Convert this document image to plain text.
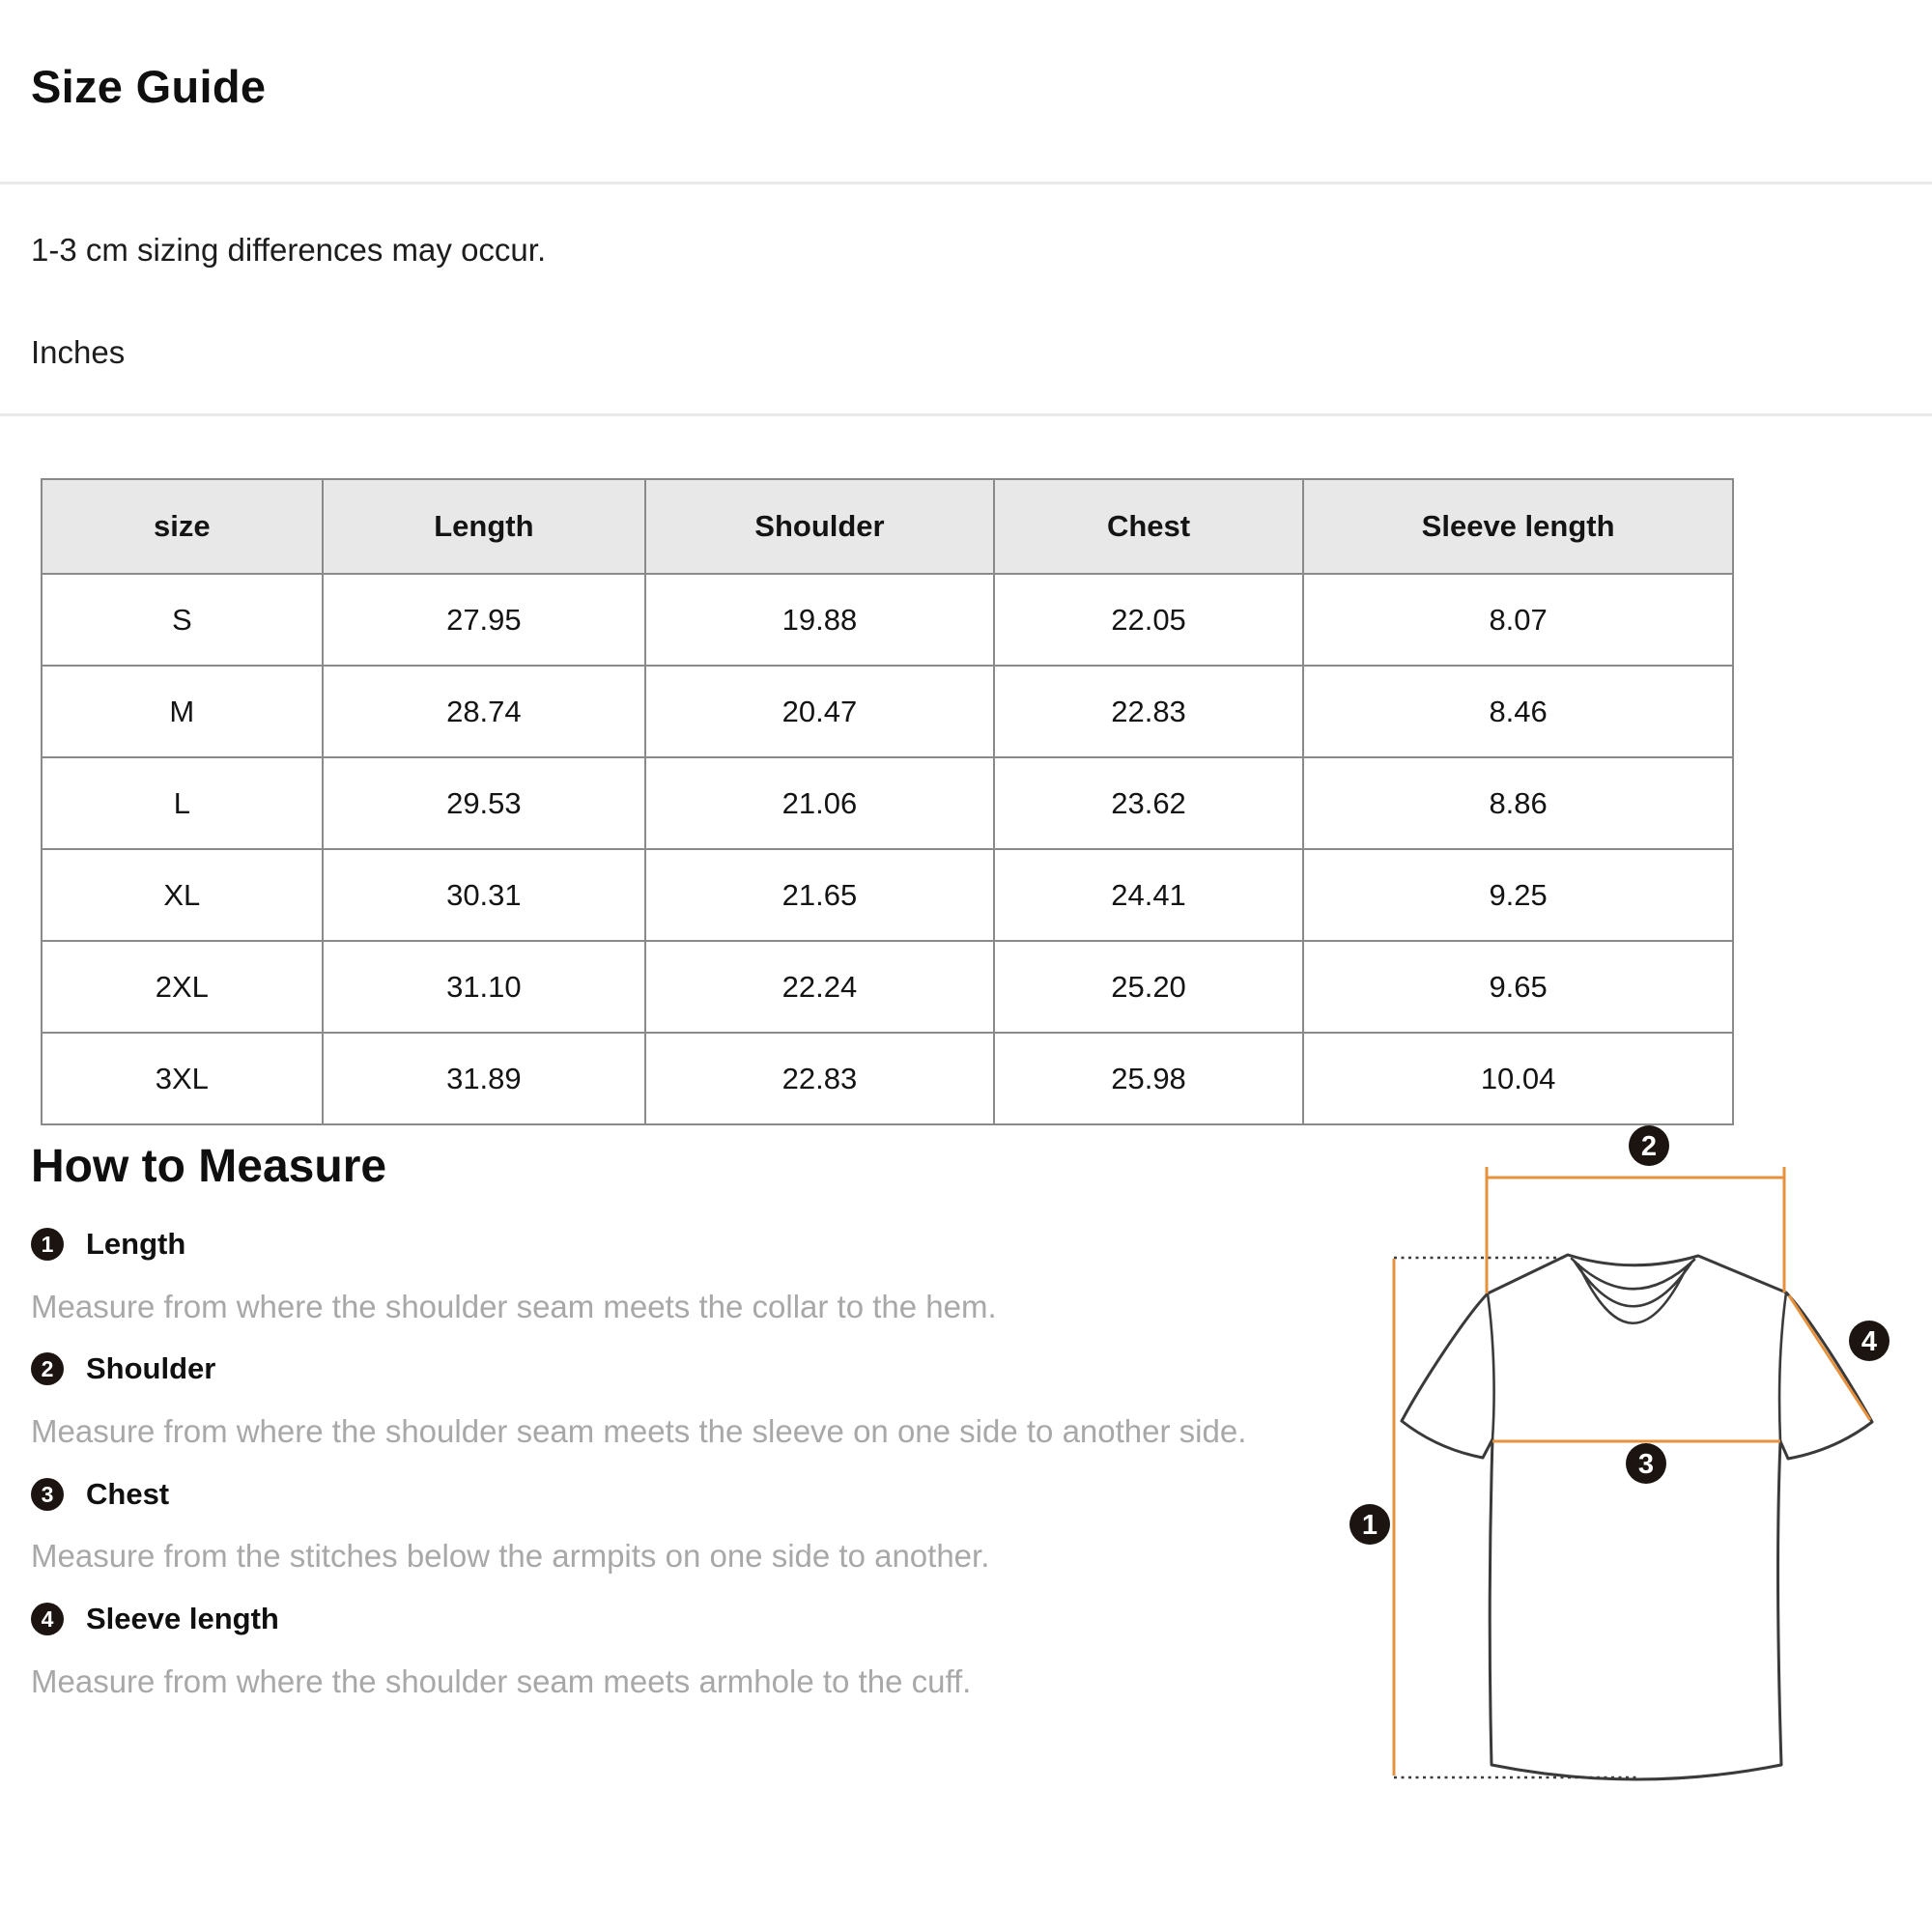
Size Guide
1-3 cm sizing differences may occur.
Inches
size	Length	Shoulder	Chest	Sleeve length
S	27.95	19.88	22.05	8.07
M	28.74	20.47	22.83	8.46
L	29.53	21.06	23.62	8.86
XL	30.31	21.65	24.41	9.25
2XL	31.10	22.24	25.20	9.65
3XL	31.89	22.83	25.98	10.04
How to Measure
1	Length
Measure from where the shoulder seam meets the collar to the hem.
2	Shoulder
Measure from where the shoulder seam meets the sleeve on one side to another side.
3	Chest
Measure from the stitches below the armpits on one side to another.
4	Sleeve length
Measure from where the shoulder seam meets armhole to the cuff.
1
2
3
4
